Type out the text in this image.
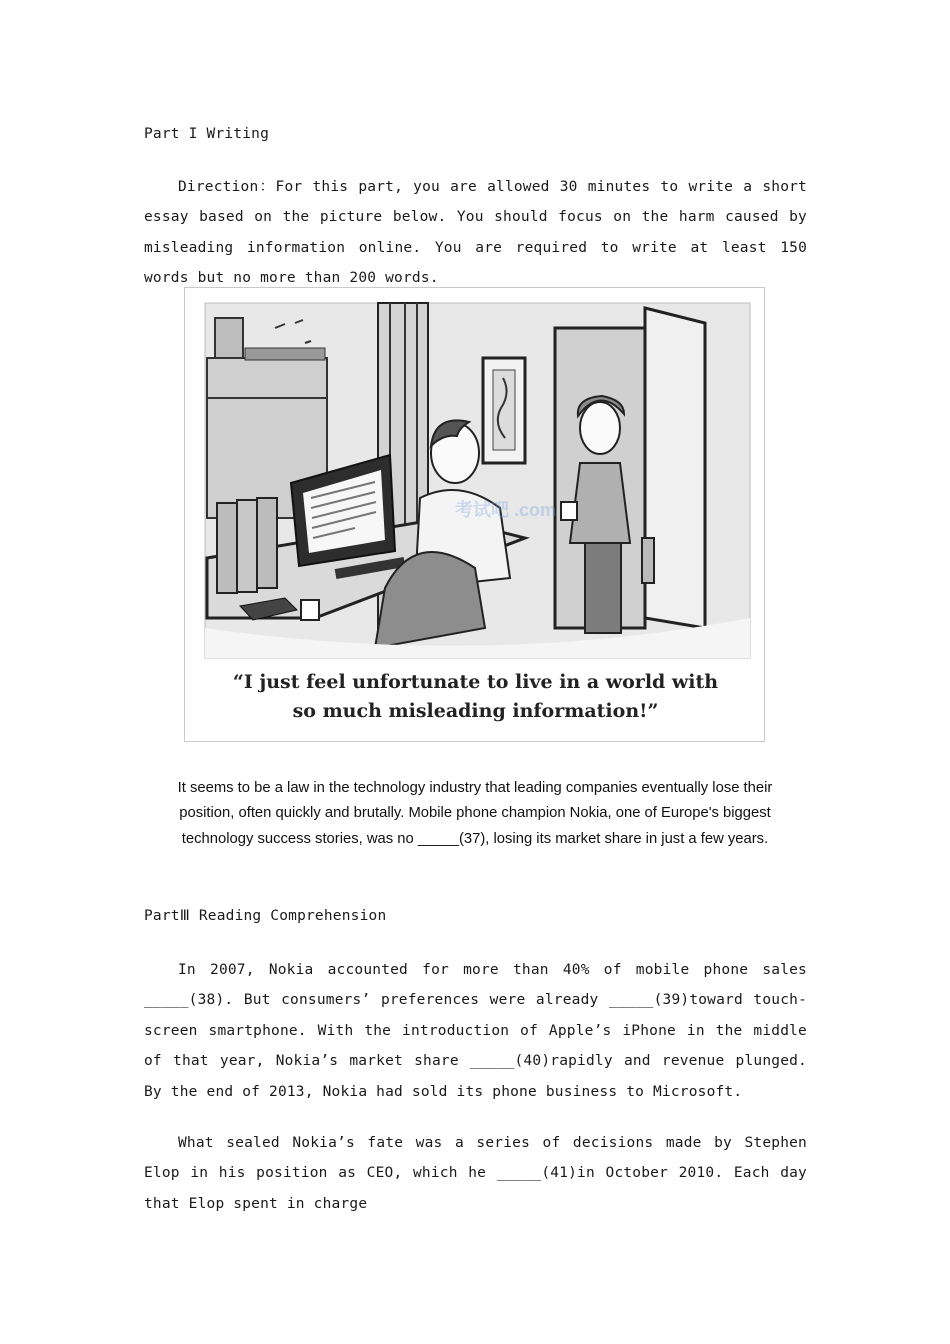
Part I Writing
Direction：For this part, you are allowed 30 minutes to write a short essay based on the picture below. You should focus on the harm caused by misleading information online. You are required to write at least 150 words but no more than 200 words.
“I just feel unfortunate to live in a world with
so much misleading information!”
考试吧 .com
It seems to be a law in the technology industry that leading companies eventually lose their position, often quickly and brutally. Mobile phone champion Nokia, one of Europe's biggest technology success stories, was no _____(37), losing its market share in just a few years.
PartⅢ Reading Comprehension
In 2007, Nokia accounted for more than 40% of mobile phone sales _____(38). But consumers’ preferences were already _____(39)toward touch-screen smartphone. With the introduction of Apple’s iPhone in the middle of that year, Nokia’s market share _____(40)rapidly and revenue plunged. By the end of 2013, Nokia had sold its phone business to Microsoft.
What sealed Nokia’s fate was a series of decisions made by Stephen Elop in his position as CEO, which he _____(41)in October 2010. Each day that Elop spent in charge
